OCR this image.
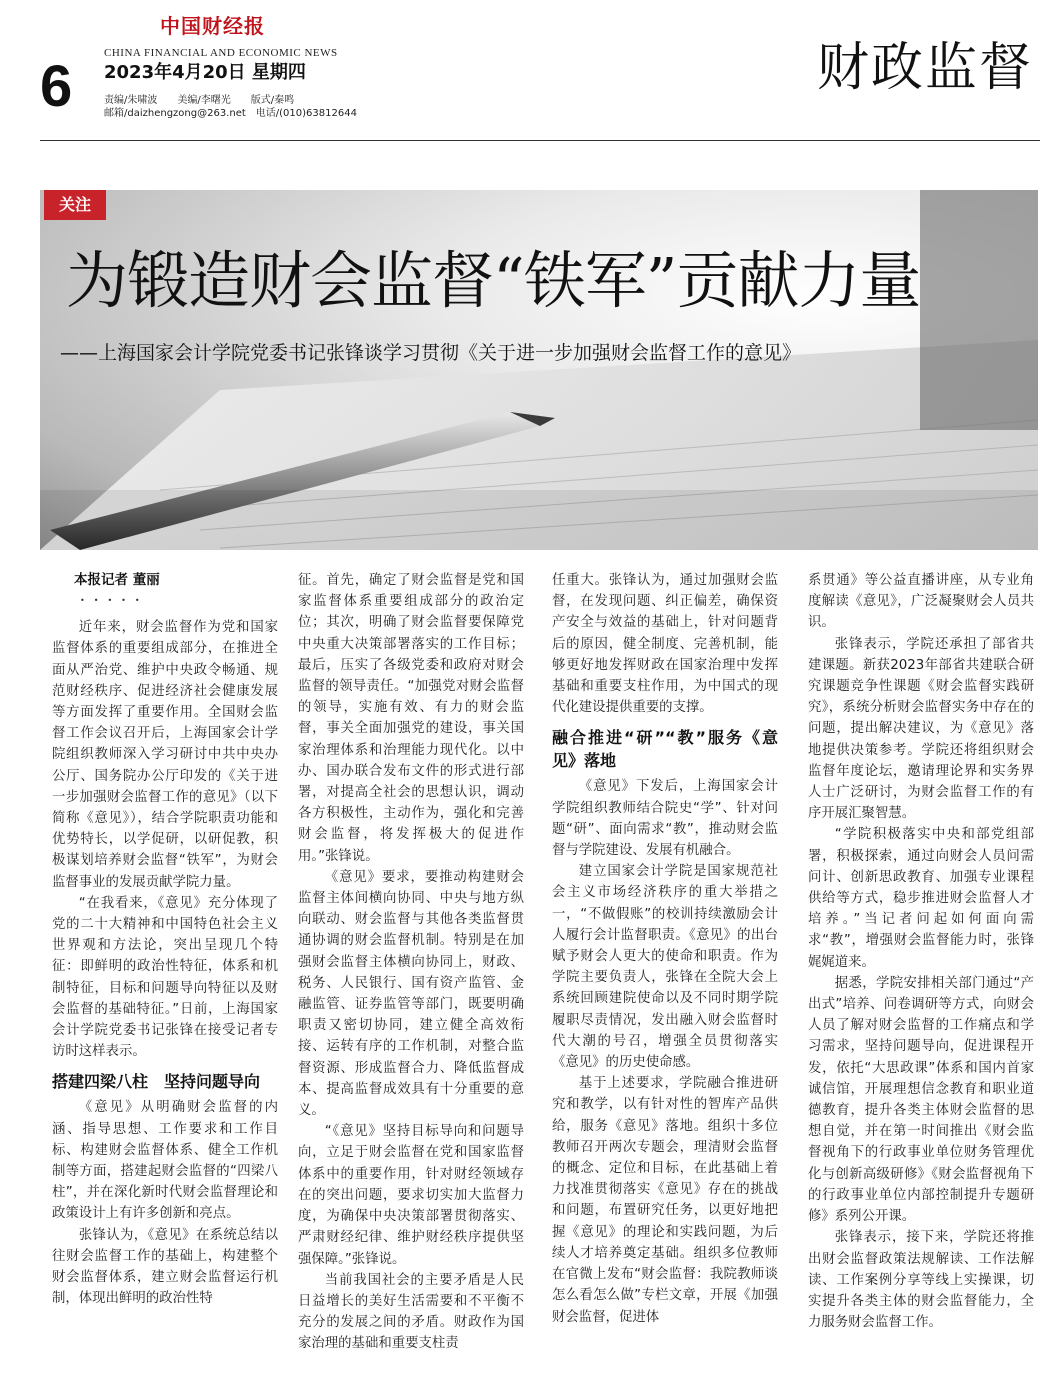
6
中国财经报
CHINA FINANCIAL AND ECONOMIC NEWS
2023年4月20日 星期四
责编/朱啸波　　美编/李曙光　　版式/秦鸣
邮箱/daizhengzong@263.net　电话/(010)63812644
财政监督
关注
为锻造财会监督“铁军”贡献力量
——上海国家会计学院党委书记张锋谈学习贯彻《关于进一步加强财会监督工作的意见》
本报记者 董丽
•••••

近年来，财会监督作为党和国家监督体系的重要组成部分，在推进全面从严治党、维护中央政令畅通、规范财经秩序、促进经济社会健康发展等方面发挥了重要作用。全国财会监督工作会议召开后，上海国家会计学院组织教师深入学习研讨中共中央办公厅、国务院办公厅印发的《关于进一步加强财会监督工作的意见》（以下简称《意见》），结合学院职责功能和优势特长，以学促研，以研促教，积极谋划培养财会监督“铁军”，为财会监督事业的发展贡献学院力量。

“在我看来，《意见》充分体现了党的二十大精神和中国特色社会主义世界观和方法论，突出呈现几个特征：即鲜明的政治性特征，体系和机制特征，目标和问题导向特征以及财会监督的基础特征。”日前，上海国家会计学院党委书记张锋在接受记者专访时这样表示。

搭建四梁八柱　坚持问题导向

《意见》从明确财会监督的内涵、指导思想、工作要求和工作目标、构建财会监督体系、健全工作机制等方面，搭建起财会监督的“四梁八柱”，并在深化新时代财会监督理论和政策设计上有许多创新和亮点。

张锋认为，《意见》在系统总结以往财会监督工作的基础上，构建整个财会监督体系，建立财会监督运行机制，体现出鲜明的政治性特

征。首先，确定了财会监督是党和国家监督体系重要组成部分的政治定位；其次，明确了财会监督要保障党中央重大决策部署落实的工作目标；最后，压实了各级党委和政府对财会监督的领导责任。“加强党对财会监督的领导，实施有效、有力的财会监督，事关全面加强党的建设，事关国家治理体系和治理能力现代化。以中办、国办联合发布文件的形式进行部署，对提高全社会的思想认识，调动各方积极性，主动作为，强化和完善财会监督，将发挥极大的促进作用。”张锋说。

《意见》要求，要推动构建财会监督主体间横向协同、中央与地方纵向联动、财会监督与其他各类监督贯通协调的财会监督机制。特别是在加强财会监督主体横向协同上，财政、税务、人民银行、国有资产监管、金融监管、证券监管等部门，既要明确职责又密切协同，建立健全高效衔接、运转有序的工作机制，对整合监督资源、形成监督合力、降低监督成本、提高监督成效具有十分重要的意义。

“《意见》坚持目标导向和问题导向，立足于财会监督在党和国家监督体系中的重要作用，针对财经领域存在的突出问题，要求切实加大监督力度，为确保中央决策部署贯彻落实、严肃财经纪律、维护财经秩序提供坚强保障。”张锋说。

当前我国社会的主要矛盾是人民日益增长的美好生活需要和不平衡不充分的发展之间的矛盾。财政作为国家治理的基础和重要支柱责

任重大。张锋认为，通过加强财会监督，在发现问题、纠正偏差，确保资产安全与效益的基础上，针对问题背后的原因，健全制度、完善机制，能够更好地发挥财政在国家治理中发挥基础和重要支柱作用，为中国式的现代化建设提供重要的支撑。

融合推进“研”“教”服务《意见》落地

《意见》下发后，上海国家会计学院组织教师结合院史“学”、针对问题“研”、面向需求“教”，推动财会监督与学院建设、发展有机融合。

建立国家会计学院是国家规范社会主义市场经济秩序的重大举措之一，“不做假账”的校训持续激励会计人履行会计监督职责。《意见》的出台赋予财会人更大的使命和职责。作为学院主要负责人，张锋在全院大会上系统回顾建院使命以及不同时期学院履职尽责情况，发出融入财会监督时代大潮的号召，增强全员贯彻落实《意见》的历史使命感。

基于上述要求，学院融合推进研究和教学，以有针对性的智库产品供给，服务《意见》落地。组织十多位教师召开两次专题会，理清财会监督的概念、定位和目标，在此基础上着力找准贯彻落实《意见》存在的挑战和问题，布置研究任务，以更好地把握《意见》的理论和实践问题，为后续人才培养奠定基础。组织多位教师在官微上发布“财会监督：我院教师谈怎么看怎么做”专栏文章，开展《加强财会监督，促进体

系贯通》等公益直播讲座，从专业角度解读《意见》，广泛凝聚财会人员共识。

张锋表示，学院还承担了部省共建课题。新获2023年部省共建联合研究课题竞争性课题《财会监督实践研究》，系统分析财会监督实务中存在的问题，提出解决建议，为《意见》落地提供决策参考。学院还将组织财会监督年度论坛，邀请理论界和实务界人士广泛研讨，为财会监督工作的有序开展汇聚智慧。

“学院积极落实中央和部党组部署，积极探索，通过向财会人员问需问计、创新思政教育、加强专业课程供给等方式，稳步推进财会监督人才培养。”当记者问起如何面向需求“教”，增强财会监督能力时，张锋娓娓道来。

据悉，学院安排相关部门通过“产出式”培养、问卷调研等方式，向财会人员了解对财会监督的工作痛点和学习需求，坚持问题导向，促进课程开发，依托“大思政课”体系和国内首家诚信馆，开展理想信念教育和职业道德教育，提升各类主体财会监督的思想自觉，并在第一时间推出《财会监督视角下的行政事业单位财务管理优化与创新高级研修》《财会监督视角下的行政事业单位内部控制提升专题研修》系列公开课。

张锋表示，接下来，学院还将推出财会监督政策法规解读、工作法解读、工作案例分享等线上实操课，切实提升各类主体的财会监督能力，全力服务财会监督工作。
